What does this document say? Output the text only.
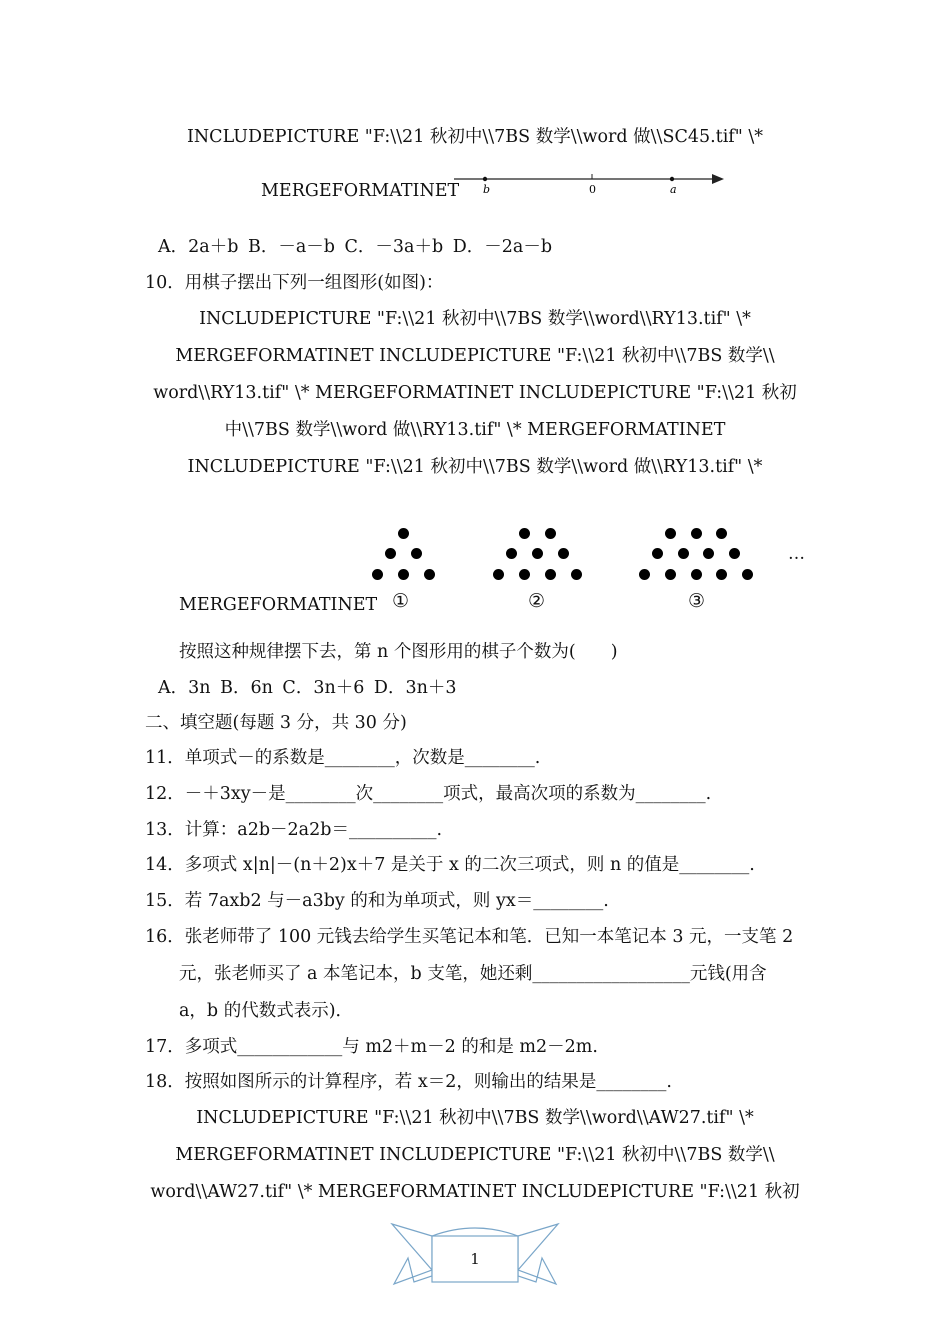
INCLUDEPICTURE "F:\\21 秋初中\\7BS 数学\\word 做\\SC45.tif" \*
MERGEFORMATINET b	0	a
A．2a＋b B．－a－b C．－3a＋b D．－2a－b
10．用棋子摆出下列一组图形(如图)：
INCLUDEPICTURE "F:\\21 秋初中\\7BS 数学\\word\\RY13.tif" \*
MERGEFORMATINET INCLUDEPICTURE "F:\\21 秋初中\\7BS 数学\\
word\\RY13.tif" \* MERGEFORMATINET INCLUDEPICTURE "F:\\21 秋初
中\\7BS 数学\\word 做\\RY13.tif" \* MERGEFORMATINET
INCLUDEPICTURE "F:\\21 秋初中\\7BS 数学\\word 做\\RY13.tif" \*
…
MERGEFORMATINET ①	②	③
按照这种规律摆下去，第 n 个图形用的棋子个数为(　　)
A．3n B．6n C．3n＋6 D．3n＋3
二、填空题(每题 3 分，共 30 分)
11．单项式－的系数是________，次数是________.
12．－＋3xy－是________次________项式，最高次项的系数为________.
13．计算：a2b－2a2b＝__________.
14．多项式 x|n|－(n＋2)x＋7 是关于 x 的二次三项式，则 n 的值是________.
15．若 7axb2 与－a3by 的和为单项式，则 yx＝________.
16．张老师带了 100 元钱去给学生买笔记本和笔．已知一本笔记本 3 元，一支笔 2
元，张老师买了 a 本笔记本，b 支笔，她还剩__________________元钱(用含
a，b 的代数式表示)．
17．多项式____________与 m2＋m－2 的和是 m2－2m.
18．按照如图所示的计算程序，若 x＝2，则输出的结果是________.
INCLUDEPICTURE "F:\\21 秋初中\\7BS 数学\\word\\AW27.tif" \*
MERGEFORMATINET INCLUDEPICTURE "F:\\21 秋初中\\7BS 数学\\
word\\AW27.tif" \* MERGEFORMATINET INCLUDEPICTURE "F:\\21 秋初
1
